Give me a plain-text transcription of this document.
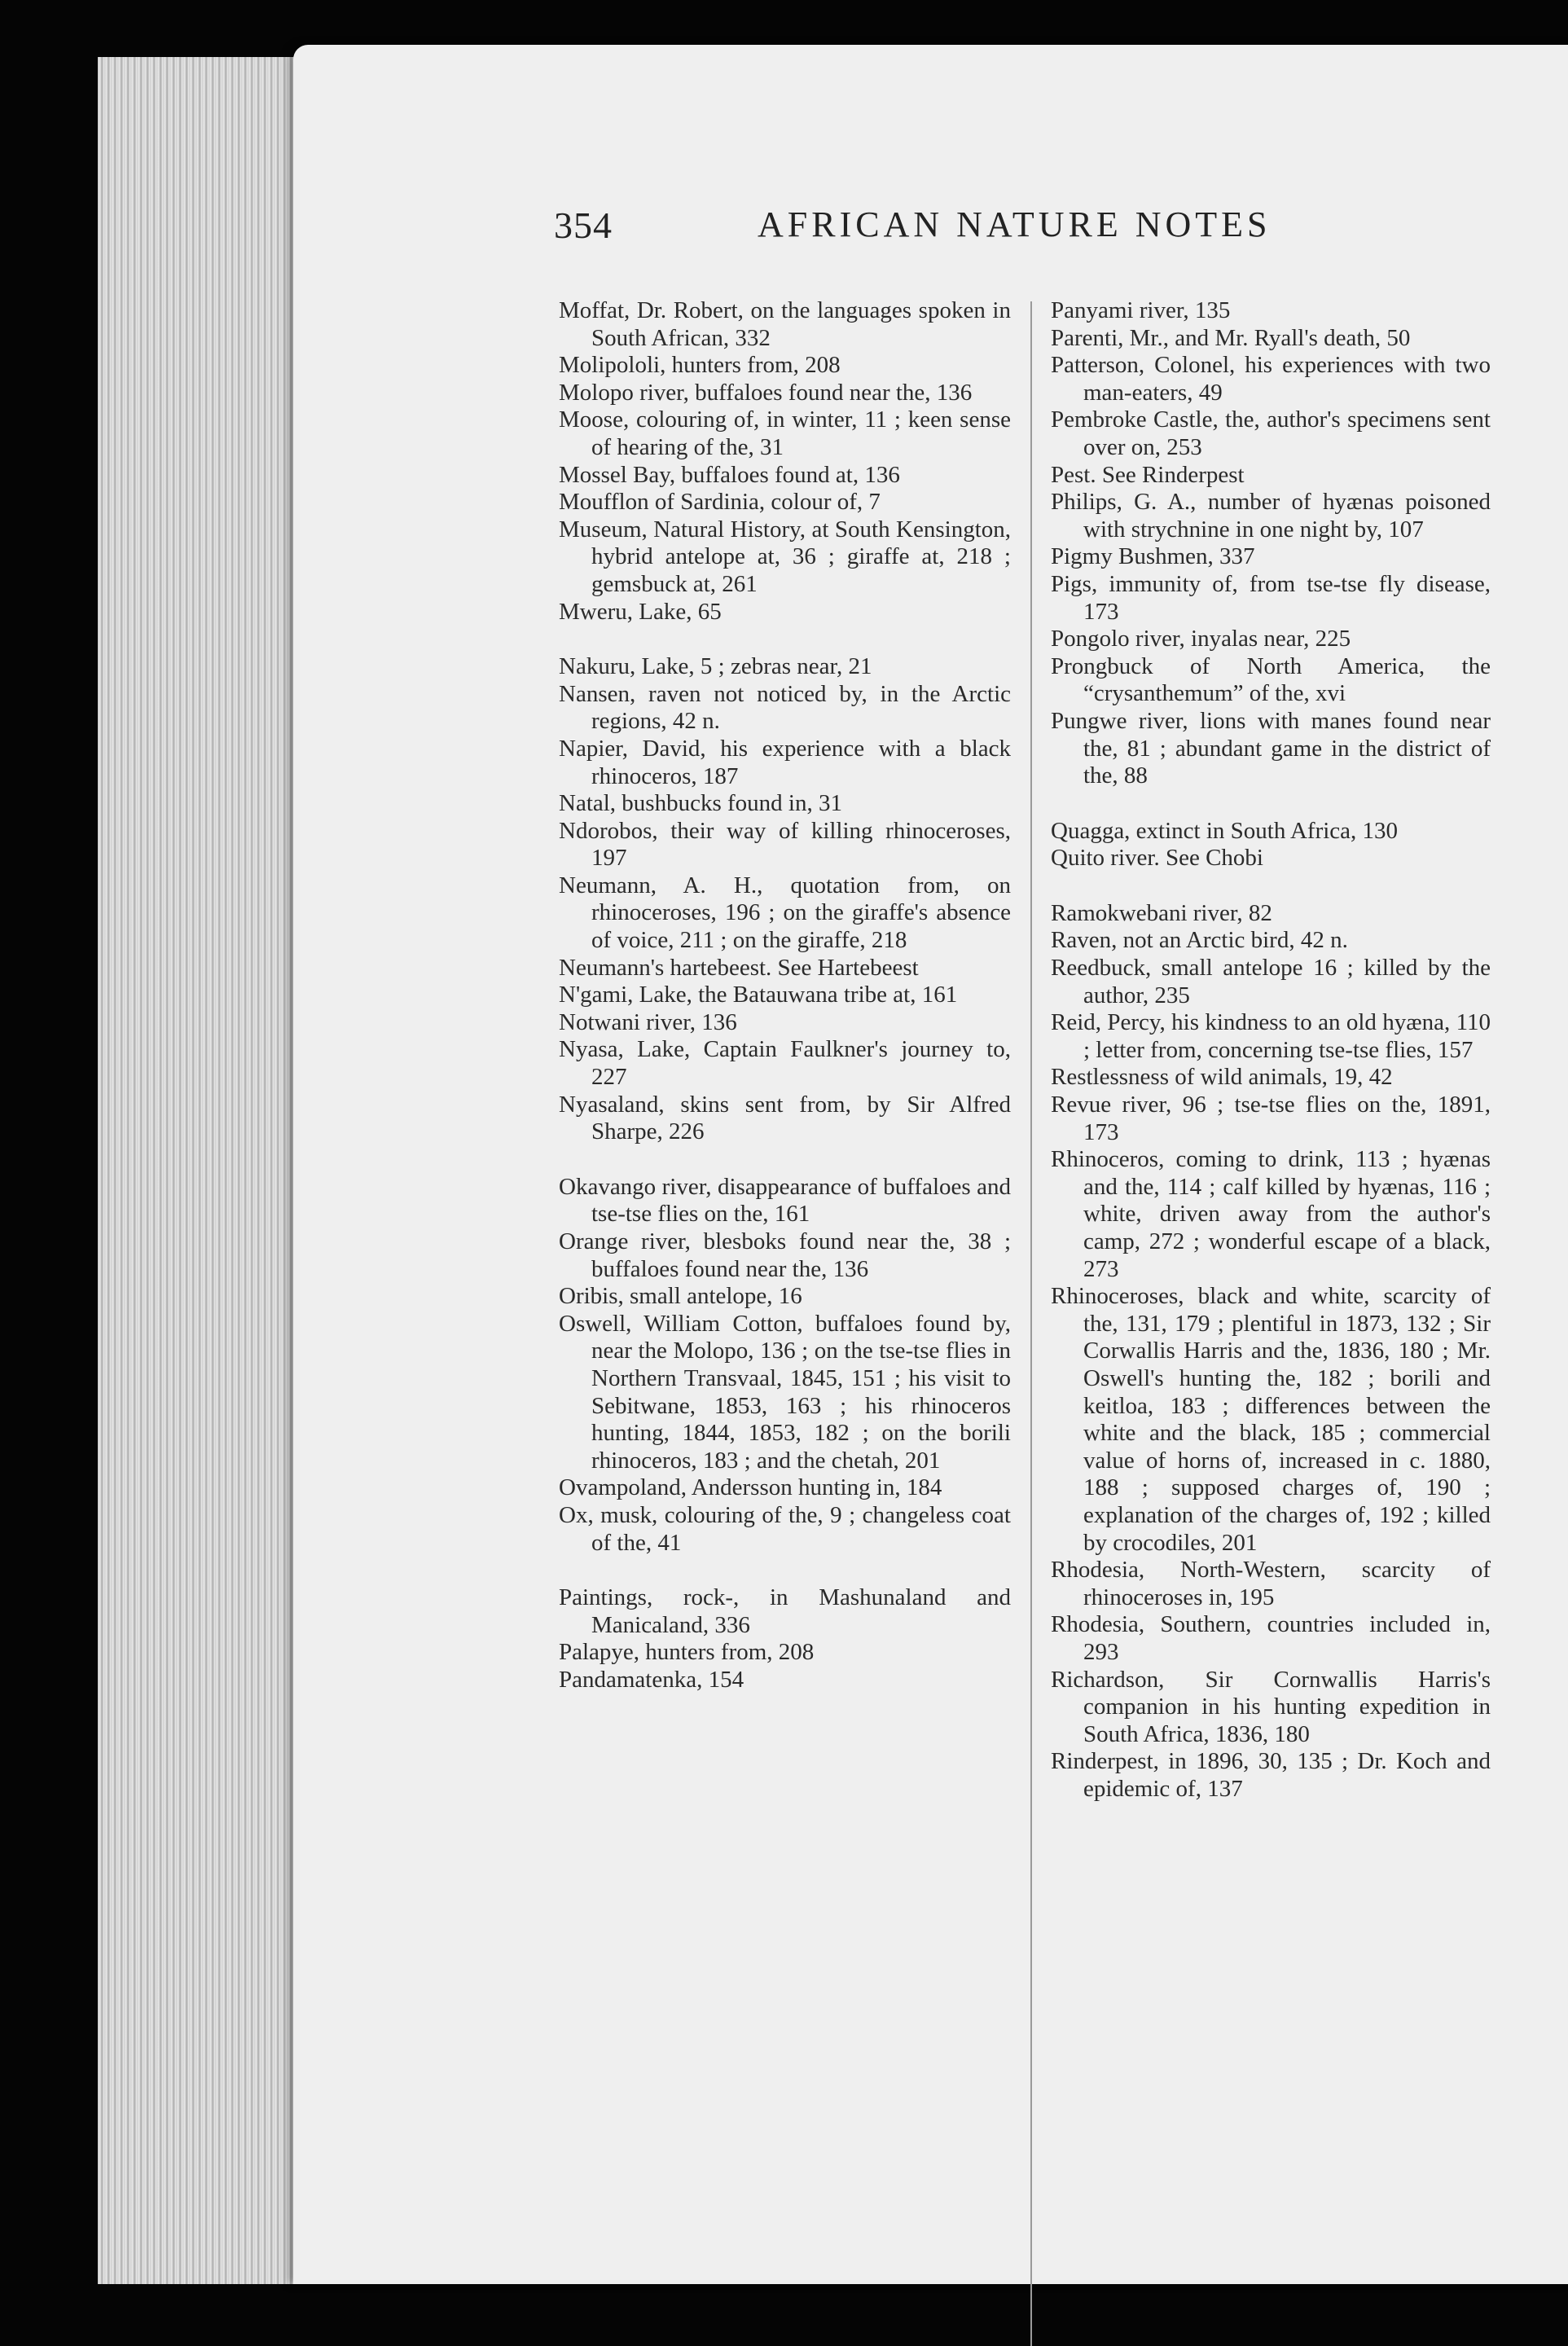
354	AFRICAN NATURE NOTES

Moffat, Dr. Robert, on the languages spoken in South African, 332

Molipololi, hunters from, 208

Molopo river, buffaloes found near the, 136

Moose, colouring of, in winter, 11 ; keen sense of hearing of the, 31

Mossel Bay, buffaloes found at, 136

Moufflon of Sardinia, colour of, 7

Museum, Natural History, at South Kensington, hybrid antelope at, 36 ; giraffe at, 218 ; gemsbuck at, 261

Mweru, Lake, 65

Nakuru, Lake, 5 ; zebras near, 21

Nansen, raven not noticed by, in the Arctic regions, 42 n.

Napier, David, his experience with a black rhinoceros, 187

Natal, bushbucks found in, 31

Ndorobos, their way of killing rhinoceroses, 197

Neumann, A. H., quotation from, on rhinoceroses, 196 ; on the giraffe's absence of voice, 211 ; on the giraffe, 218

Neumann's hartebeest. See Hartebeest

N'gami, Lake, the Batauwana tribe at, 161

Notwani river, 136

Nyasa, Lake, Captain Faulkner's journey to, 227

Nyasaland, skins sent from, by Sir Alfred Sharpe, 226

Okavango river, disappearance of buffaloes and tse-tse flies on the, 161

Orange river, blesboks found near the, 38 ; buffaloes found near the, 136

Oribis, small antelope, 16

Oswell, William Cotton, buffaloes found by, near the Molopo, 136 ; on the tse-tse flies in Northern Transvaal, 1845, 151 ; his visit to Sebitwane, 1853, 163 ; his rhinoceros hunting, 1844, 1853, 182 ; on the borili rhinoceros, 183 ; and the chetah, 201

Ovampoland, Andersson hunting in, 184

Ox, musk, colouring of the, 9 ; changeless coat of the, 41

Paintings, rock-, in Mashunaland and Manicaland, 336

Palapye, hunters from, 208

Pandamatenka, 154

Panyami river, 135

Parenti, Mr., and Mr. Ryall's death, 50

Patterson, Colonel, his experiences with two man-eaters, 49

Pembroke Castle, the, author's specimens sent over on, 253

Pest. See Rinderpest

Philips, G. A., number of hyænas poisoned with strychnine in one night by, 107

Pigmy Bushmen, 337

Pigs, immunity of, from tse-tse fly disease, 173

Pongolo river, inyalas near, 225

Prongbuck of North America, the “crysanthemum” of the, xvi

Pungwe river, lions with manes found near the, 81 ; abundant game in the district of the, 88

Quagga, extinct in South Africa, 130

Quito river. See Chobi

Ramokwebani river, 82

Raven, not an Arctic bird, 42 n.

Reedbuck, small antelope 16 ; killed by the author, 235

Reid, Percy, his kindness to an old hyæna, 110 ; letter from, concerning tse-tse flies, 157

Restlessness of wild animals, 19, 42

Revue river, 96 ; tse-tse flies on the, 1891, 173

Rhinoceros, coming to drink, 113 ; hyænas and the, 114 ; calf killed by hyænas, 116 ; white, driven away from the author's camp, 272 ; wonderful escape of a black, 273

Rhinoceroses, black and white, scarcity of the, 131, 179 ; plentiful in 1873, 132 ; Sir Corwallis Harris and the, 1836, 180 ; Mr. Oswell's hunting the, 182 ; borili and keitloa, 183 ; differences between the white and the black, 185 ; commercial value of horns of, increased in c. 1880, 188 ; supposed charges of, 190 ; explanation of the charges of, 192 ; killed by crocodiles, 201

Rhodesia, North-Western, scarcity of rhinoceroses in, 195

Rhodesia, Southern, countries included in, 293

Richardson, Sir Cornwallis Harris's companion in his hunting expedition in South Africa, 1836, 180

Rinderpest, in 1896, 30, 135 ; Dr. Koch and epidemic of, 137
